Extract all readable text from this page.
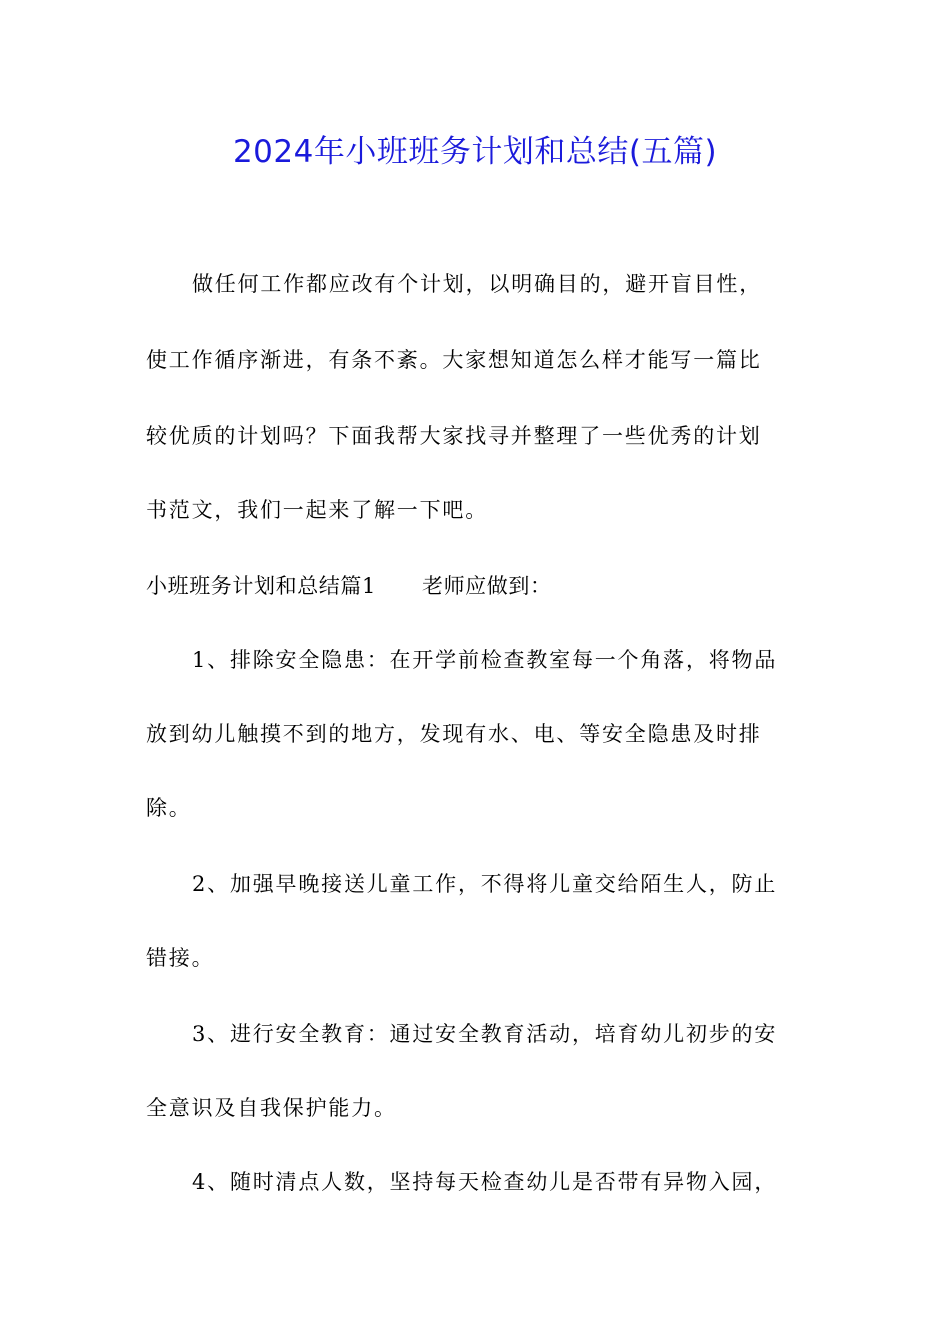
2024年小班班务计划和总结(五篇)
做任何工作都应改有个计划，以明确目的，避开盲目性，
使工作循序渐进，有条不紊。大家想知道怎么样才能写一篇比
较优质的计划吗？下面我帮大家找寻并整理了一些优秀的计划
书范文，我们一起来了解一下吧。
小班班务计划和总结篇1 老师应做到：
1、排除安全隐患：在开学前检查教室每一个角落，将物品
放到幼儿触摸不到的地方，发现有水、电、等安全隐患及时排
除。
2、加强早晚接送儿童工作，不得将儿童交给陌生人，防止
错接。
3、进行安全教育：通过安全教育活动，培育幼儿初步的安
全意识及自我保护能力。
4、随时清点人数，坚持每天检查幼儿是否带有异物入园，
